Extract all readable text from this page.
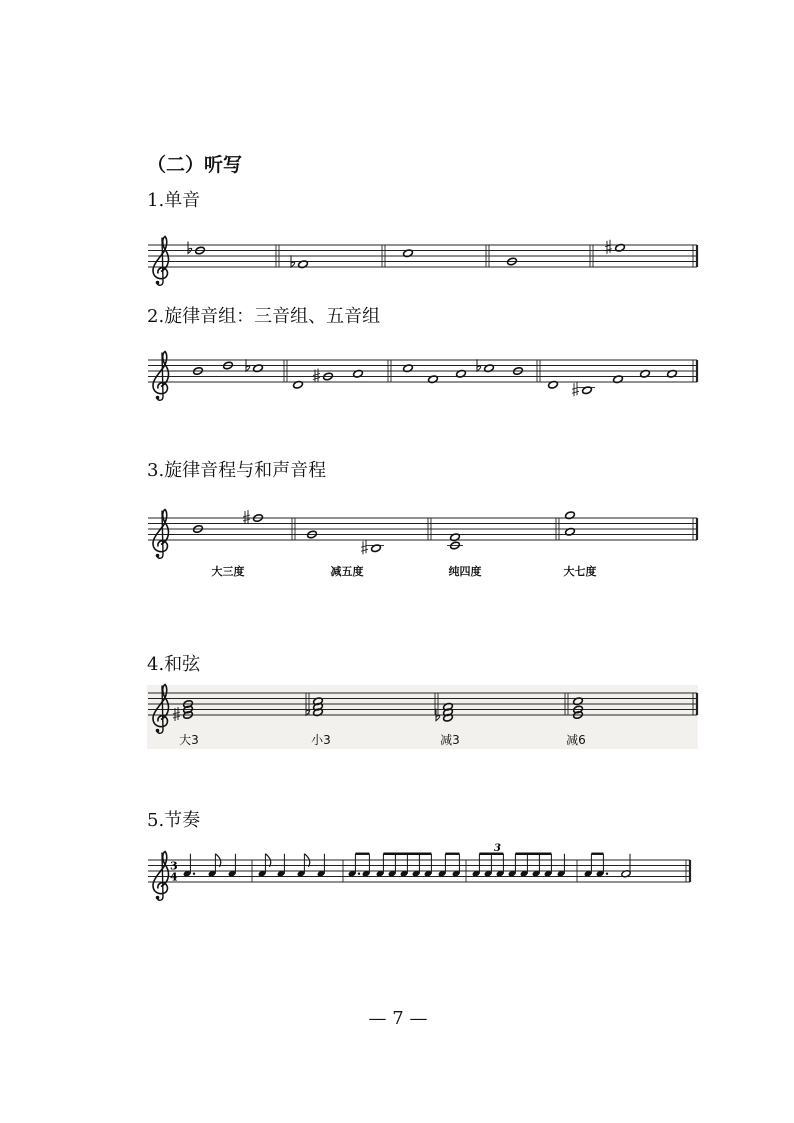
（二）听写
1.单音
2.旋律音组：三音组、五音组
3.旋律音程与和声音程
4.和弦
5.节奏
3
4
3
大三度	减五度	纯四度	大七度
大3	小3	减3	减6
— 7 —
